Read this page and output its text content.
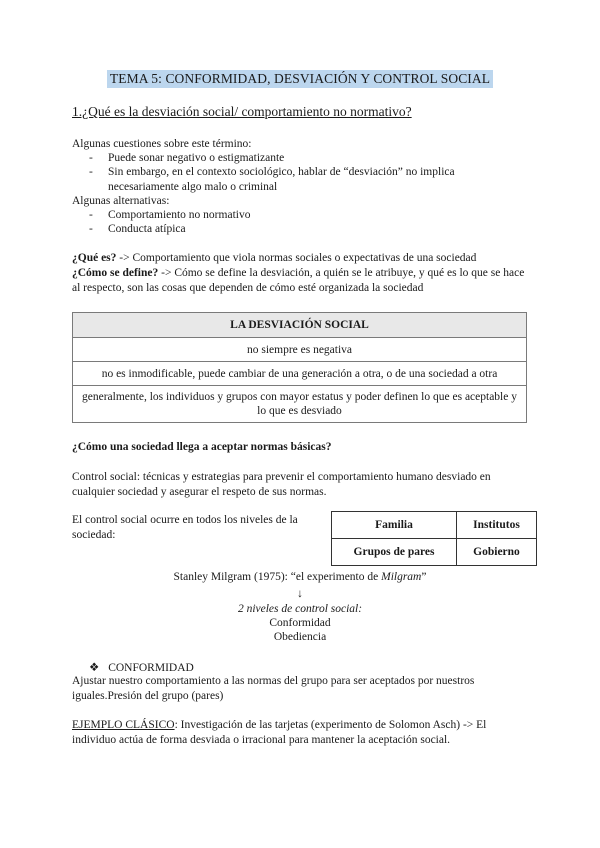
TEMA 5: CONFORMIDAD, DESVIACIÓN Y CONTROL SOCIAL
1.¿Qué es la desviación social/ comportamiento no normativo?
Algunas cuestiones sobre este término:
- Puede sonar negativo o estigmatizante
- Sin embargo, en el contexto sociológico, hablar de “desviación” no implica necesariamente algo malo o criminal
Algunas alternativas:
- Comportamiento no normativo
- Conducta atípica
¿Qué es? -> Comportamiento que viola normas sociales o expectativas de una sociedad
¿Cómo se define? -> Cómo se define la desviación, a quién se le atribuye, y qué es lo que se hace al respecto, son las cosas que dependen de cómo esté organizada la sociedad
LA DESVIACIÓN SOCIAL
no siempre es negativa
no es inmodificable, puede cambiar de una generación a otra, o de una sociedad a otra
generalmente, los individuos y grupos con mayor estatus y poder definen lo que es aceptable y lo que es desviado
¿Cómo una sociedad llega a aceptar normas básicas?
Control social: técnicas y estrategias para prevenir el comportamiento humano desviado en cualquier sociedad y asegurar el respeto de sus normas.
El control social ocurre en todos los niveles de la sociedad:
Familia	Institutos
Grupos de pares	Gobierno
Stanley Milgram (1975): “el experimento de Milgram”
↓
2 niveles de control social:
Conformidad
Obediencia
❖ CONFORMIDAD
Ajustar nuestro comportamiento a las normas del grupo para ser aceptados por nuestros iguales.Presión del grupo (pares)
EJEMPLO CLÁSICO: Investigación de las tarjetas (experimento de Solomon Asch) -> El individuo actúa de forma desviada o irracional para mantener la aceptación social.
